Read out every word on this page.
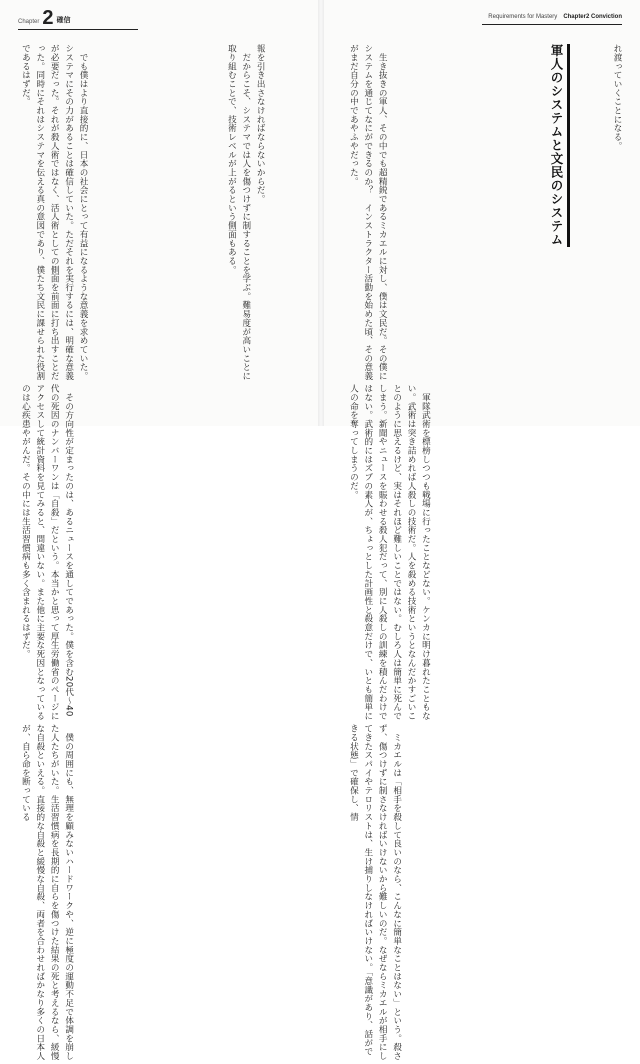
Chapter 2 確信	Requirements for Mastery Chapter2 Conviction

れ渡っていくことになる。

軍人のシステムと文民のシステム

　生き抜きの軍人、その中でも超精鋭であるミカエルに対し、僕は文民だ。その僕にシステムを通じてなにができるのか？　インストラクター活動を始めた頃、その意義がまだ自分の中であやふやだった。

　軍隊武術を標榜しつつも戦場に行ったことなどない。ケンカに明け暮れたこともない。武術は突き詰めれば人殺しの技術だ。人を殺める技術というとなんだかすごいことのように思えるけど、実はそれほど難しいことではない。むしろ人は簡単に死んでしまう。新聞やニュースを賑わせる殺人犯だって、別に人殺しの訓練を積んだわけではない。武術的にはズブの素人が、ちょっとした計画性と殺意だけで、いとも簡単に人の命を奪ってしまうのだ。

　ミカエルは「相手を殺して良いのなら、こんなに簡単なことはない」という。殺さず、傷つけずに制さなければいけないから難しいのだ。なぜならミカエルが相手にしてきたスパイやテロリストは、生け捕りしなければいけない。「意識があり、話ができる状態」で確保し、情

報を引き出さなければならないからだ。
　だからこそ、システマでは人を傷つけずに制することを学ぶ。難易度が高いことに取り組むことで、技術レベルが上がるという側面もある。

　でも僕はより直接的に、日本の社会にとって有益になるような意義を求めていた。システマにその力があることは確信していた。ただそれを実行するには、明確な意義が必要だった。それが殺人術ではなく、活人術としての側面を前面に打ち出すことだった。同時にそれはシステマを伝える真の意図であり、僕たち文民に課せられた役割であるはずだ。

　その方向性が定まったのは、あるニュースを通してであった。僕を含む20代〜40代の死因のナンバーワンは「自殺」だという。本当かと思って厚生労働省のページにアクセスして統計資料を見てみると、間違いない。また他に主要な死因となっているのは心疾患やがんだ。その中には生活習慣病も多く含まれるはずだ。

　僕の周囲にも、無理を顧みないハードワークや、逆に極度の運動不足で体調を崩した人たちがいた。生活習慣病を長期的に自らを傷つけた結果の死と考えるなら、緩慢な自殺といえる。直接的な自殺と緩慢な自殺、両者を合わせればかなり多くの日本人が、自ら命を断っている
